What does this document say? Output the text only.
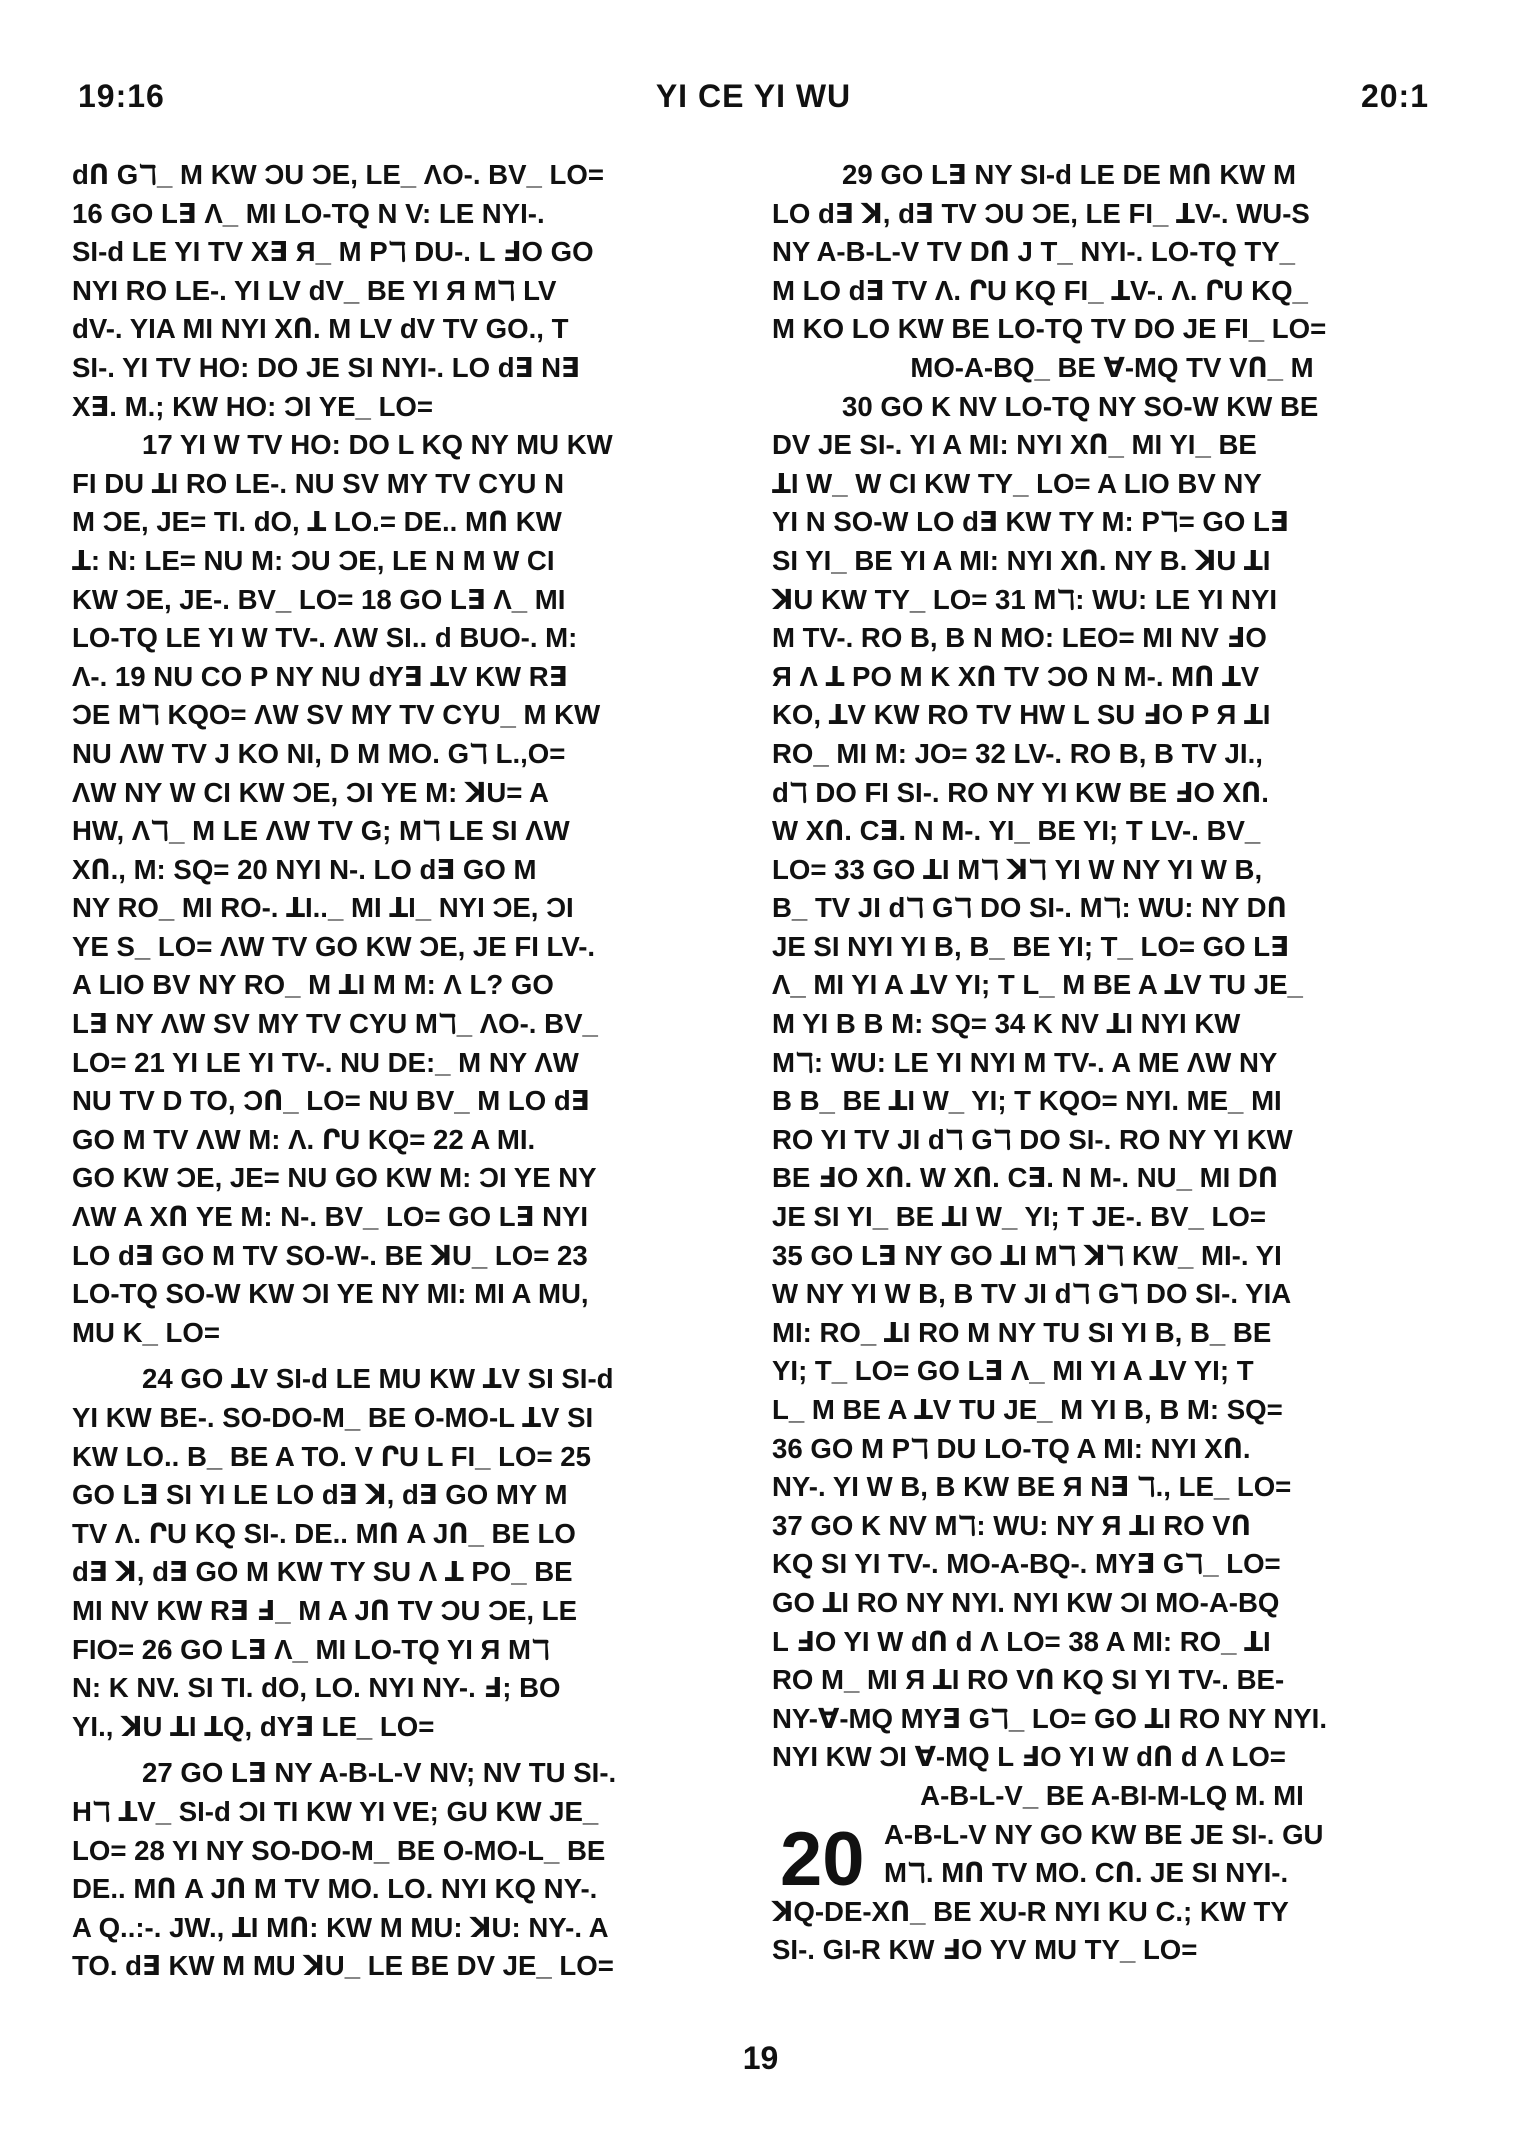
19:16	YI CE YI WU	20:1
dՈ Gℸ_ M KW ƆU ƆE, LE_ ΛO-. BV_ LO=
16 GO L∃ Λ_ MI LO-TQ N V: LE NYI-.
SI-d LE YI TV X∃ Я_ M Pℸ DU-. L ℲO GO
NYI RO LE-. YI LV dV_ BE YI Я Mℸ LV
dV-. YIA MI NYI XՈ. M LV dV TV GO., T
SI-. YI TV HO: DO JE SI NYI-. LO d∃ N∃
X∃. M.; KW HO: ƆI YE_ LO=
17 YI W TV HO: DO L KQ NY MU KW
FI DU ꓕI RO LE-. NU SV MY TV CYU N
M ƆE, JE= TI. dO, ꓕ LO.= DE.. MՈ KW
ꓕ: N: LE= NU M: ƆU ƆE, LE N M W CI
KW ƆE, JE-. BV_ LO= 18 GO L∃ Λ_ MI
LO-TQ LE YI W TV-. ΛW SI.. d BUO-. M:
Λ-. 19 NU CO P NY NU dY∃ ꓕV KW R∃
ƆE Mℸ KQO= ΛW SV MY TV CYU_ M KW
NU ΛW TV J KO NI, D M MO. Gℸ L.,O=
ΛW NY W CI KW ƆE, ƆI YE M: ꓘU= A
HW, Λℸ_ M LE ΛW TV G; Mℸ LE SI ΛW
XՈ., M: SQ= 20 NYI N-. LO d∃ GO M
NY RO_ MI RO-. ꓕI.._ MI ꓕI_ NYI ƆE, ƆI
YE S_ LO= ΛW TV GO KW ƆE, JE FI LV-.
A LIO BV NY RO_ M ꓕI M M: Λ L? GO
L∃ NY ΛW SV MY TV CYU Mℸ_ ΛO-. BV_
LO= 21 YI LE YI TV-. NU DE:_ M NY ΛW
NU TV D TO, ƆՈ_ LO= NU BV_ M LO d∃
GO M TV ΛW M: Λ. ՐU KQ= 22 A MI.
GO KW ƆE, JE= NU GO KW M: ƆI YE NY
ΛW A XՈ YE M: N-. BV_ LO= GO L∃ NYI
LO d∃ GO M TV SO-W-. BE ꓘU_ LO= 23
LO-TQ SO-W KW ƆI YE NY MI: MI A MU,
MU K_ LO=
24 GO ꓕV SI-d LE MU KW ꓕV SI SI-d
YI KW BE-. SO-DO-M_ BE O-MO-L ꓕV SI
KW LO.. B_ BE A TO. V ՐU L FI_ LO= 25
GO L∃ SI YI LE LO d∃ ꓘ, d∃ GO MY M
TV Λ. ՐU KQ SI-. DE.. MՈ A JՈ_ BE LO
d∃ ꓘ, d∃ GO M KW TY SU Λ ꓕ PO_ BE
MI NV KW R∃ Ⅎ_ M A JՈ TV ƆU ƆE, LE
FIO= 26 GO L∃ Λ_ MI LO-TQ YI Я Mℸ
N: K NV. SI TI. dO, LO. NYI NY-. Ⅎ; BO
YI., ꓘU ꓕI ꓕQ, dY∃ LE_ LO=
27 GO L∃ NY A-B-L-V NV; NV TU SI-.
Hℸ ꓕV_ SI-d ƆI TI KW YI VE; GU KW JE_
LO= 28 YI NY SO-DO-M_ BE O-MO-L_ BE
DE.. MՈ A JՈ M TV MO. LO. NYI KQ NY-.
A Q..:-. JW., ꓕI MՈ: KW M MU: ꓘU: NY-. A
TO. d∃ KW M MU ꓘU_ LE BE DV JE_ LO=
29 GO L∃ NY SI-d LE DE MՈ KW M
LO d∃ ꓘ, d∃ TV ƆU ƆE, LE FI_ ꓕV-. WU-S
NY A-B-L-V TV DՈ J T_ NYI-. LO-TQ TY_
M LO d∃ TV Λ. ՐU KQ FI_ ꓕV-. Λ. ՐU KQ_
M KO LO KW BE LO-TQ TV DO JE FI_ LO=
MO-A-BQ_ BE ∀-MQ TV VՈ_ M
30 GO K NV LO-TQ NY SO-W KW BE
DV JE SI-. YI A MI: NYI XՈ_ MI YI_ BE
ꓕI W_ W CI KW TY_ LO= A LIO BV NY
YI N SO-W LO d∃ KW TY M: Pℸ= GO L∃
SI YI_ BE YI A MI: NYI XՈ. NY B. ꓘU ꓕI
ꓘU KW TY_ LO= 31 Mℸ: WU: LE YI NYI
M TV-. RO B, B N MO: LEO= MI NV ℲO
Я Λ ꓕ PO M K XՈ TV ƆO N M-. MՈ ꓕV
KO, ꓕV KW RO TV HW L SU ℲO P Я ꓕI
RO_ MI M: JO= 32 LV-. RO B, B TV JI.,
dℸ DO FI SI-. RO NY YI KW BE ℲO XՈ.
W XՈ. C∃. N M-. YI_ BE YI; T LV-. BV_
LO= 33 GO ꓕI Mℸ ꓘℸ YI W NY YI W B,
B_ TV JI dℸ Gℸ DO SI-. Mℸ: WU: NY DՈ
JE SI NYI YI B, B_ BE YI; T_ LO= GO L∃
Λ_ MI YI A ꓕV YI; T L_ M BE A ꓕV TU JE_
M YI B B M: SQ= 34 K NV ꓕI NYI KW
Mℸ: WU: LE YI NYI M TV-. A ME ΛW NY
B B_ BE ꓕI W_ YI; T KQO= NYI. ME_ MI
RO YI TV JI dℸ Gℸ DO SI-. RO NY YI KW
BE ℲO XՈ. W XՈ. C∃. N M-. NU_ MI DՈ
JE SI YI_ BE ꓕI W_ YI; T JE-. BV_ LO=
35 GO L∃ NY GO ꓕI Mℸ ꓘℸ KW_ MI-. YI
W NY YI W B, B TV JI dℸ Gℸ DO SI-. YIA
MI: RO_ ꓕI RO M NY TU SI YI B, B_ BE
YI; T_ LO= GO L∃ Λ_ MI YI A ꓕV YI; T
L_ M BE A ꓕV TU JE_ M YI B, B M: SQ=
36 GO M Pℸ DU LO-TQ A MI: NYI XՈ.
NY-. YI W B, B KW BE Я N∃ ℸ., LE_ LO=
37 GO K NV Mℸ: WU: NY Я ꓕI RO VՈ
KQ SI YI TV-. MO-A-BQ-. MY∃ Gℸ_ LO=
GO ꓕI RO NY NYI. NYI KW ƆI MO-A-BQ
L ℲO YI W dՈ d Λ LO= 38 A MI: RO_ ꓕI
RO M_ MI Я ꓕI RO VՈ KQ SI YI TV-. BE-
NY-∀-MQ MY∃ Gℸ_ LO= GO ꓕI RO NY NYI.
NYI KW ƆI ∀-MQ L ℲO YI W dՈ d Λ LO=
A-B-L-V_ BE A-BI-M-LQ M. MI
20 A-B-L-V NY GO KW BE JE SI-. GU
Mℸ. MՈ TV MO. CՈ. JE SI NYI-.
ꓘQ-DE-XՈ_ BE XU-R NYI KU C.; KW TY
SI-. GI-R KW ℲO YV MU TY_ LO=
19
